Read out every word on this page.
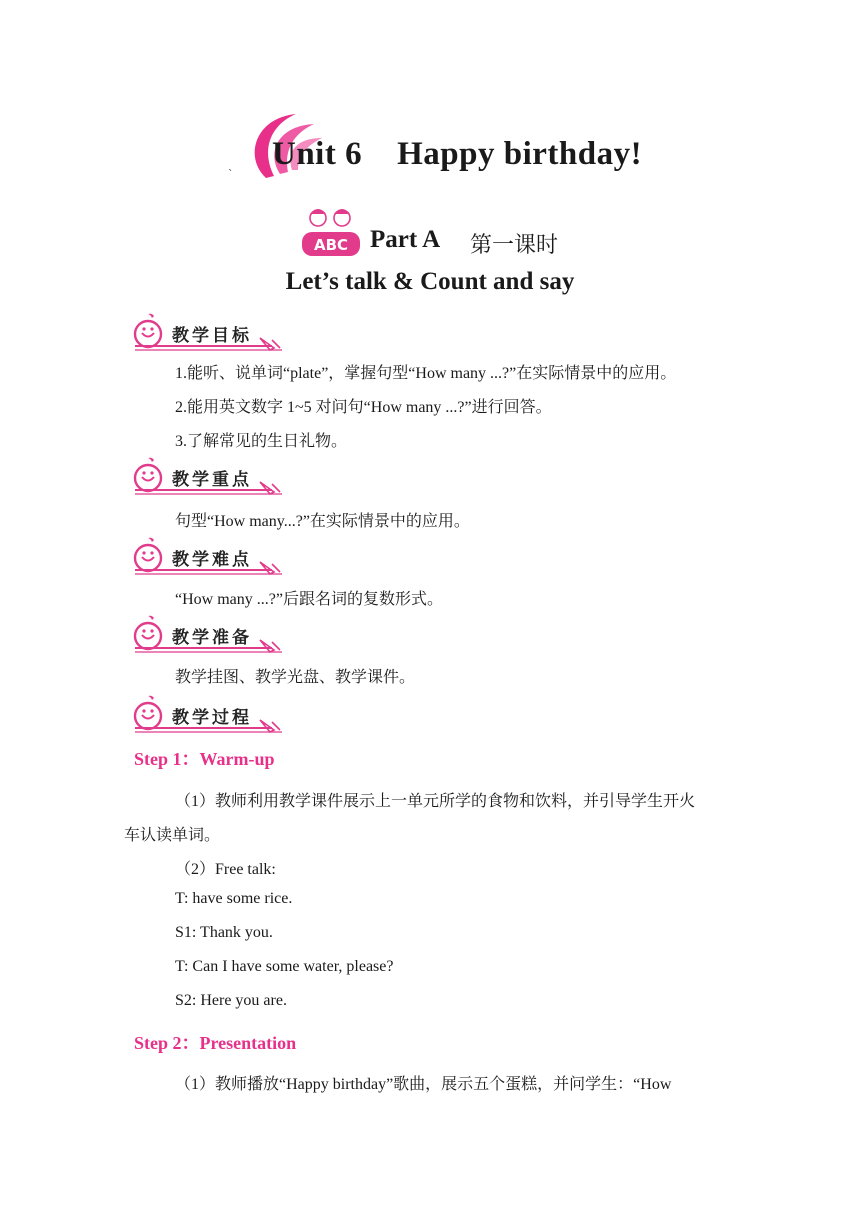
Unit 6    Happy birthday!
`
ABC Part A 第一课时
Let’s talk & Count and say
教学目标
1.能听、说单词“plate”，掌握句型“How many ...?”在实际情景中的应用。
2.能用英文数字 1~5 对问句“How many ...?”进行回答。
3.了解常见的生日礼物。
教学重点
句型“How many...?”在实际情景中的应用。
教学难点
“How many ...?”后跟名词的复数形式。
教学准备
教学挂图、教学光盘、教学课件。
教学过程
Step 1：Warm-up
（1）教师利用教学课件展示上一单元所学的食物和饮料，并引导学生开火
车认读单词。
（2）Free talk:
T: have some rice.
S1: Thank you.
T: Can I have some water, please?
S2: Here you are.
Step 2：Presentation
（1）教师播放“Happy birthday”歌曲，展示五个蛋糕，并问学生：“How
